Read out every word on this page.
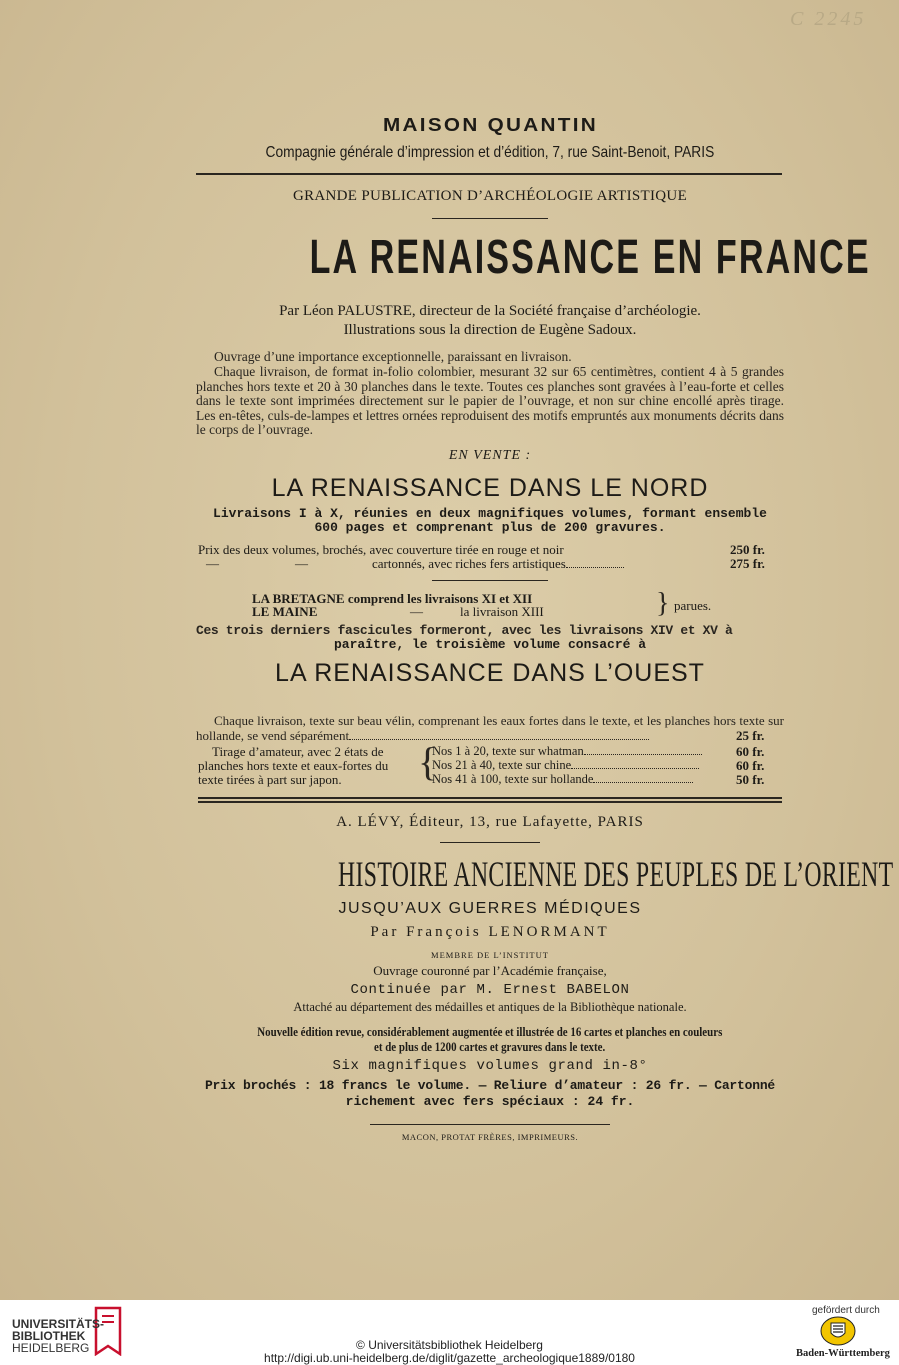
C 2245
MAISON QUANTIN
Compagnie générale d’impression et d’édition, 7, rue Saint-Benoit, PARIS
GRANDE PUBLICATION D’ARCHÉOLOGIE ARTISTIQUE
LA RENAISSANCE EN FRANCE
Par Léon PALUSTRE, directeur de la Société française d’archéologie.
Illustrations sous la direction de Eugène Sadoux.
Ouvrage d’une importance exceptionnelle, paraissant en livraison.
Chaque livraison, de format in-folio colombier, mesurant 32 sur 65 centimètres, contient 4 à 5 grandes planches hors texte et 20 à 30 planches dans le texte. Toutes ces planches sont gravées à l’eau-forte et celles dans le texte sont imprimées directement sur le papier de l’ouvrage, et non sur chine encollé après tirage. Les en-têtes, culs-de-lampes et lettres ornées reproduisent des motifs empruntés aux monuments décrits dans le corps de l’ouvrage.
EN VENTE :
LA RENAISSANCE DANS LE NORD
Livraisons I à X, réunies en deux magnifiques volumes, formant ensemble
600 pages et comprenant plus de 200 gravures.
Prix des deux volumes, brochés, avec couverture tirée en rouge et noir	250 fr.
—	—	cartonnés, avec riches fers artistiques	275 fr.
LA BRETAGNE comprend les livraisons XI et XII
LE MAINE	—	la livraison XIII	} parues.
Ces trois derniers fascicules formeront, avec les livraisons XIV et XV à
paraître, le troisième volume consacré à
LA RENAISSANCE DANS L’OUEST
Chaque livraison, texte sur beau vélin, comprenant les eaux fortes dans le texte, et les planches hors texte sur hollande, se vend séparément	25 fr.
Tirage d’amateur, avec 2 états de
planches hors texte et eaux-fortes du
texte tirées à part sur japon. {
Nos 1 à 20, texte sur whatman	60 fr.
Nos 21 à 40, texte sur chine	60 fr.
Nos 41 à 100, texte sur hollande	50 fr.
A. LÉVY, Éditeur, 13, rue Lafayette, PARIS
HISTOIRE ANCIENNE DES PEUPLES DE L’ORIENT
JUSQU’AUX GUERRES MÉDIQUES
Par François LENORMANT
MEMBRE DE L’INSTITUT
Ouvrage couronné par l’Académie française,
Continuée par M. Ernest BABELON
Attaché au département des médailles et antiques de la Bibliothèque nationale.
Nouvelle édition revue, considérablement augmentée et illustrée de 16 cartes et planches en couleurs
et de plus de 1200 cartes et gravures dans le texte.
Six magnifiques volumes grand in-8°
Prix brochés : 18 francs le volume. — Reliure d’amateur : 26 fr. — Cartonné
richement avec fers spéciaux : 24 fr.
MACON, PROTAT FRÈRES, IMPRIMEURS.
UNIVERSITÄTS-
BIBLIOTHEK
HEIDELBERG	© Universitätsbibliothek Heidelberg
http://digi.ub.uni-heidelberg.de/diglit/gazette_archeologique1889/0180
gefördert durch
Baden-Württemberg
